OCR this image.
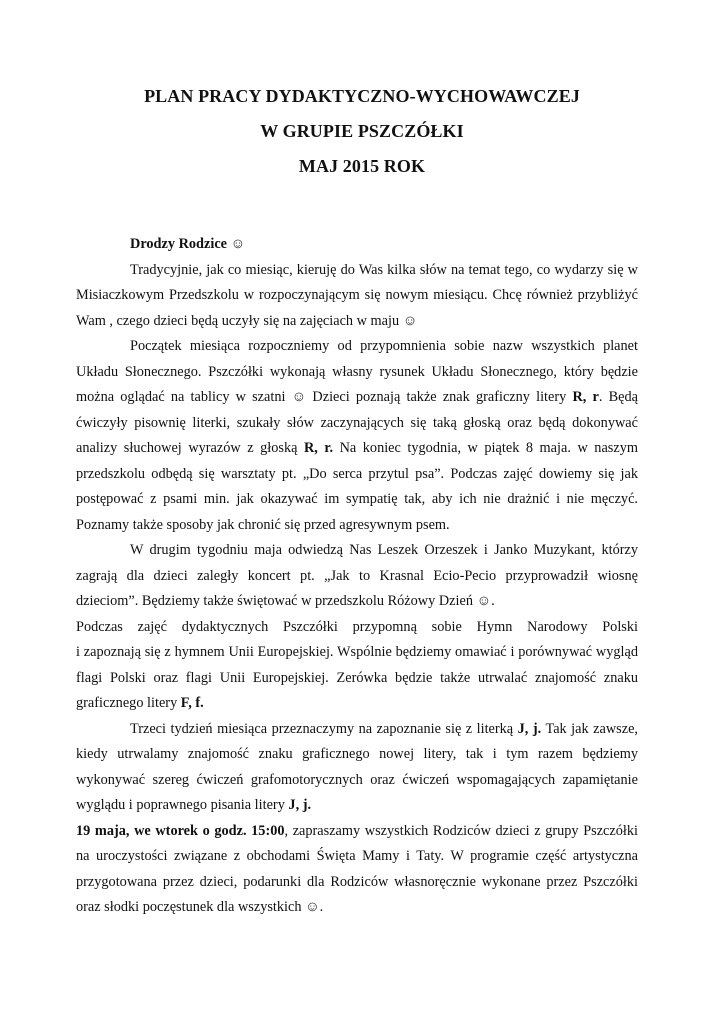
PLAN PRACY DYDAKTYCZNO-WYCHOWAWCZEJ
W GRUPIE PSZCZÓŁKI
MAJ 2015 ROK

Drodzy Rodzice ☺

Tradycyjnie, jak co miesiąc, kieruję do Was kilka słów na temat tego, co wydarzy się w Misiaczkowym Przedszkolu w rozpoczynającym się nowym miesiącu. Chcę również przybliżyć Wam , czego dzieci będą uczyły się na zajęciach w maju ☺

Początek miesiąca rozpoczniemy od przypomnienia sobie nazw wszystkich planet Układu Słonecznego. Pszczółki wykonają własny rysunek Układu Słonecznego, który będzie można oglądać na tablicy w szatni ☺ Dzieci poznają także znak graficzny litery R, r. Będą ćwiczyły pisownię literki, szukały słów zaczynających się taką głoską oraz będą dokonywać analizy słuchowej wyrazów z głoską R, r. Na koniec tygodnia, w piątek 8 maja. w naszym przedszkolu odbędą się warsztaty pt. „Do serca przytul psa”. Podczas zajęć dowiemy się jak postępować z psami min. jak okazywać im sympatię tak, aby ich nie drażnić i nie męczyć. Poznamy także sposoby jak chronić się przed agresywnym psem.

W drugim tygodniu maja odwiedzą Nas Leszek Orzeszek i Janko Muzykant, którzy zagrają dla dzieci zaległy koncert pt. „Jak to Krasnal Ecio-Pecio przyprowadził wiosnę dzieciom”. Będziemy także świętować w przedszkolu Różowy Dzień ☺.

Podczas zajęć dydaktycznych Pszczółki przypomną sobie Hymn Narodowy Polski
i zapoznają się z hymnem Unii Europejskiej. Wspólnie będziemy omawiać i porównywać wygląd flagi Polski oraz flagi Unii Europejskiej. Zerówka będzie także utrwalać znajomość znaku graficznego litery F, f.

Trzeci tydzień miesiąca przeznaczymy na zapoznanie się z literką J, j. Tak jak zawsze, kiedy utrwalamy znajomość znaku graficznego nowej litery, tak i tym razem będziemy wykonywać szereg ćwiczeń grafomotorycznych oraz ćwiczeń wspomagających zapamiętanie wyglądu i poprawnego pisania litery J, j.

19 maja, we wtorek o godz. 15:00, zapraszamy wszystkich Rodziców dzieci z grupy Pszczółki na uroczystości związane z obchodami Święta Mamy i Taty. W programie część artystyczna przygotowana przez dzieci, podarunki dla Rodziców własnoręcznie wykonane przez Pszczółki oraz słodki poczęstunek dla wszystkich ☺.
